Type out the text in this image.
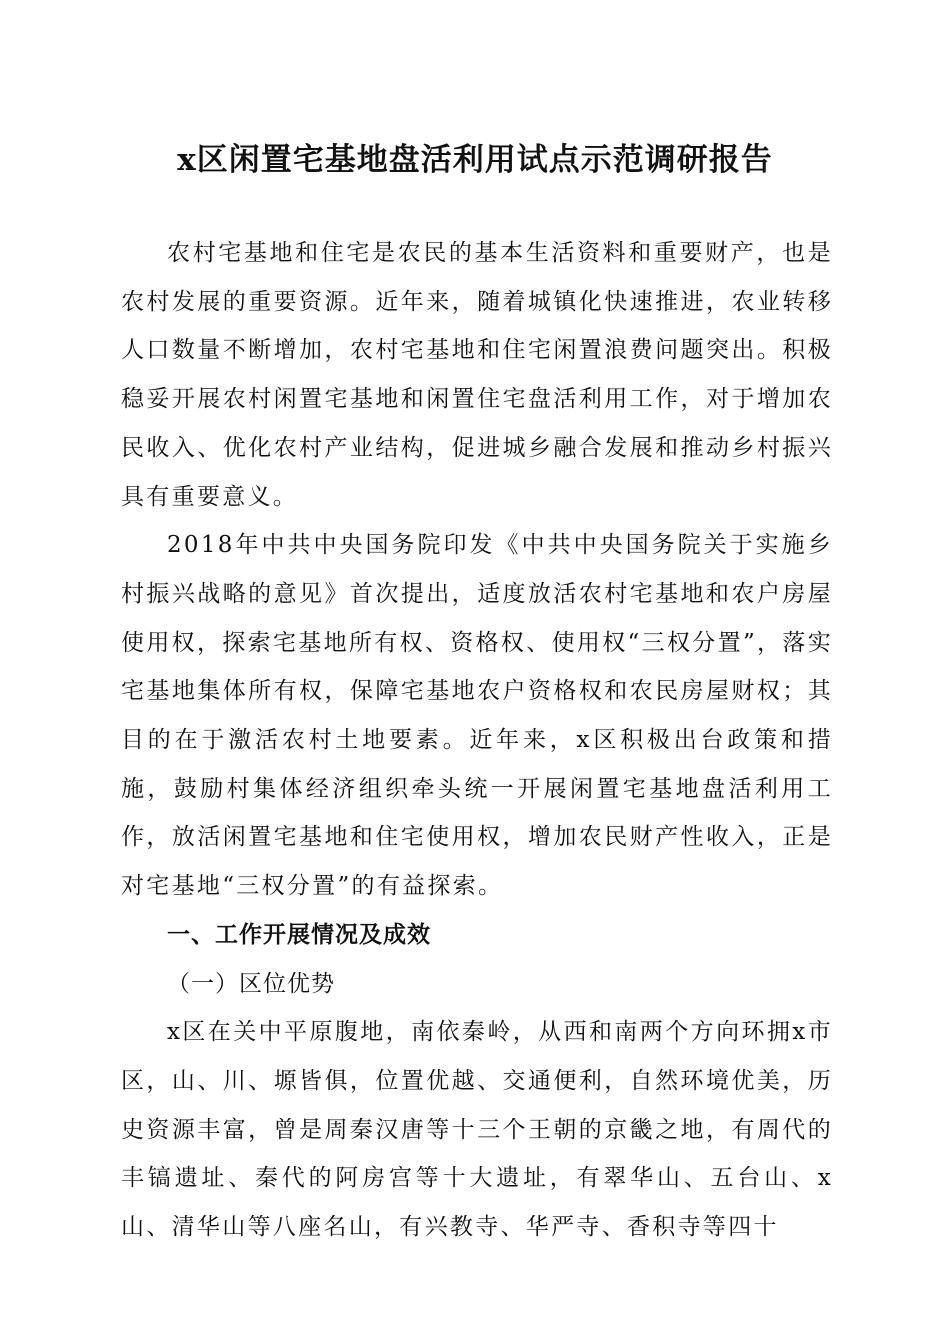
x区闲置宅基地盘活利用试点示范调研报告

农村宅基地和住宅是农民的基本生活资料和重要财产，也是农村发展的重要资源。近年来，随着城镇化快速推进，农业转移人口数量不断增加，农村宅基地和住宅闲置浪费问题突出。积极稳妥开展农村闲置宅基地和闲置住宅盘活利用工作，对于增加农民收入、优化农村产业结构，促进城乡融合发展和推动乡村振兴具有重要意义。

2018年中共中央国务院印发《中共中央国务院关于实施乡村振兴战略的意见》首次提出，适度放活农村宅基地和农户房屋使用权，探索宅基地所有权、资格权、使用权“三权分置”，落实宅基地集体所有权，保障宅基地农户资格权和农民房屋财权；其目的在于激活农村土地要素。近年来，x区积极出台政策和措施，鼓励村集体经济组织牵头统一开展闲置宅基地盘活利用工作，放活闲置宅基地和住宅使用权，增加农民财产性收入，正是对宅基地“三权分置”的有益探索。

一、工作开展情况及成效

（一）区位优势

x区在关中平原腹地，南依秦岭，从西和南两个方向环拥x市区，山、川、塬皆俱，位置优越、交通便利，自然环境优美，历史资源丰富，曾是周秦汉唐等十三个王朝的京畿之地，有周代的丰镐遗址、秦代的阿房宫等十大遗址，有翠华山、五台山、x山、清华山等八座名山，有兴教寺、华严寺、香积寺等四十
